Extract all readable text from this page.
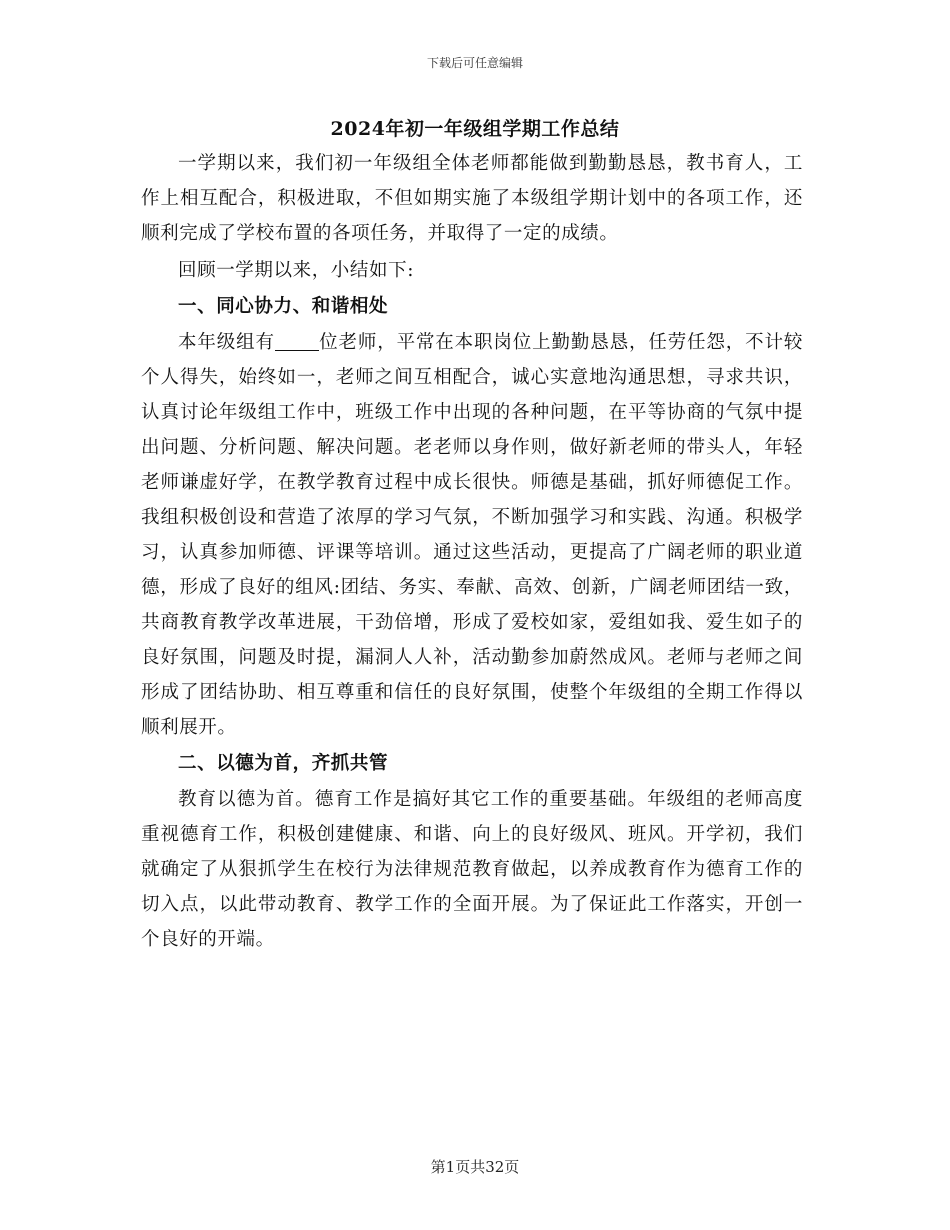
下载后可任意编辑
2024年初一年级组学期工作总结

一学期以来，我们初一年级组全体老师都能做到勤勤恳恳，教书育人，工作上相互配合，积极进取，不但如期实施了本级组学期计划中的各项工作，还顺利完成了学校布置的各项任务，并取得了一定的成绩。

回顾一学期以来，小结如下:

一、同心协力、和谐相处

本年级组有 位老师，平常在本职岗位上勤勤恳恳，任劳任怨，不计较个人得失，始终如一，老师之间互相配合，诚心实意地沟通思想，寻求共识，认真讨论年级组工作中，班级工作中出现的各种问题，在平等协商的气氛中提出问题、分析问题、解决问题。老老师以身作则，做好新老师的带头人，年轻老师谦虚好学，在教学教育过程中成长很快。师德是基础，抓好师德促工作。我组积极创设和营造了浓厚的学习气氛，不断加强学习和实践、沟通。积极学习，认真参加师德、评课等培训。通过这些活动，更提高了广阔老师的职业道德，形成了良好的组风:团结、务实、奉献、高效、创新，广阔老师团结一致，共商教育教学改革进展，干劲倍增，形成了爱校如家，爱组如我、爱生如子的良好氛围，问题及时提，漏洞人人补，活动勤参加蔚然成风。老师与老师之间形成了团结协助、相互尊重和信任的良好氛围，使整个年级组的全期工作得以顺利展开。

二、以德为首，齐抓共管

教育以德为首。德育工作是搞好其它工作的重要基础。年级组的老师高度重视德育工作，积极创建健康、和谐、向上的良好级风、班风。开学初，我们就确定了从狠抓学生在校行为法律规范教育做起，以养成教育作为德育工作的切入点，以此带动教育、教学工作的全面开展。为了保证此工作落实，开创一个良好的开端。

第1页共32页
